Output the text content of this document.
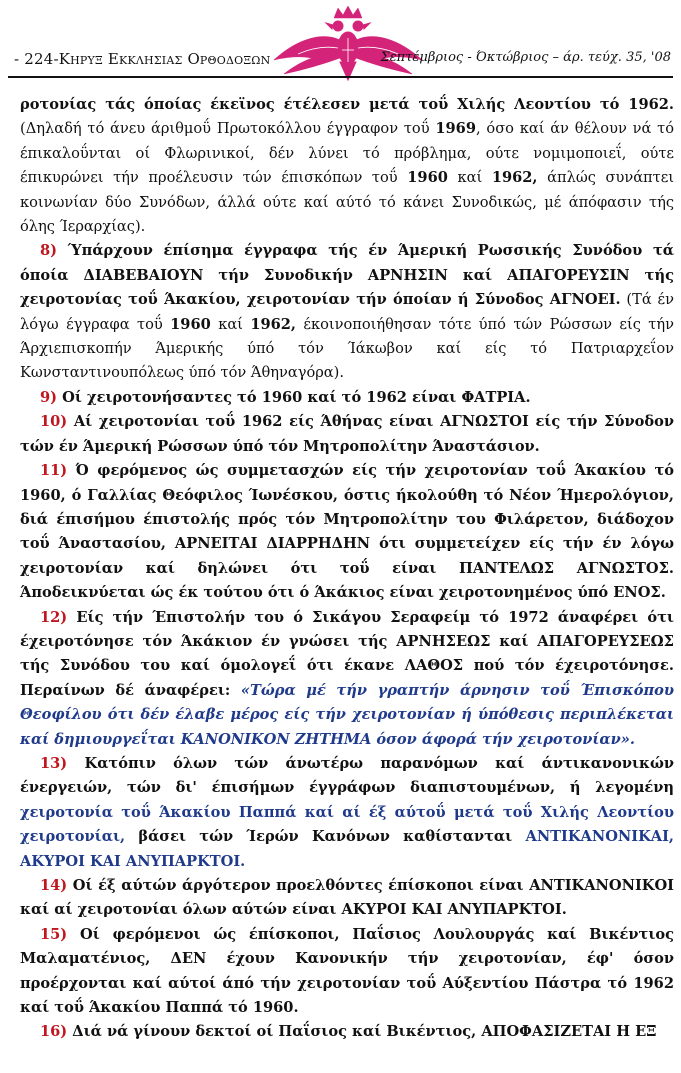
- 224-Κηρυξ Εκκλησιας Ορθοδοξων	Σεπτέμβριος - Όκτώβριος – άρ. τεύχ. 35, '08

ροτονίας τάς όποίας έκεϊνος έτέλεσεν μετά τοΰ Χιλής Λεοντίου τό 1962. (Δηλαδή τό άνευ άριθμοΰ Πρωτοκόλλου έγγραφον τοΰ 1969, όσο καί άν θέλουν νά τό έπικαλοΰνται οί Φλωρινικοί, δέν λύνει τό πρόβλημα, ούτε νομιμοποιεΐ, ούτε έπικυρώνει τήν προέλευσιν τών έπισκόπων τοΰ 1960 καί 1962, άπλώς συνάπτει κοινωνίαν δύο Συνόδων, άλλά ούτε καί αύτό τό κάνει Συνοδικώς, μέ άπόφασιν τής όλης Ίεραρχίας).

8) Ύπάρχουν έπίσημα έγγραφα τής έν Άμερική Ρωσσικής Συνόδου τά όποία ΔΙΑΒΕΒΑΙΟΥΝ τήν Συνοδικήν ΑΡΝΗΣΙΝ καί ΑΠΑΓΟΡΕΥΣΙΝ τής χειροτονίας τοΰ Άκακίου, χειροτονίαν τήν όποίαν ή Σύνοδος ΑΓΝΟΕΙ. (Τά έν λόγω έγγραφα τοΰ 1960 καί 1962, έκοινοποιήθησαν τότε ύπό τών Ρώσσων είς τήν Άρχιεπισκοπήν Άμερικής ύπό τόν Ίάκωβον καί είς τό Πατριαρχεΐον Κωνσταντινουπόλεως ύπό τόν Άθηναγόρα).

9) Οί χειροτονήσαντες τό 1960 καί τό 1962 είναι ΦΑΤΡΙΑ.

10) Αί χειροτονίαι τοΰ 1962 είς Άθήνας είναι ΑΓΝΩΣΤΟΙ είς τήν Σύνοδον τών έν Άμερική Ρώσσων ύπό τόν Μητροπολίτην Άναστάσιον.

11) Ό φερόμενος ώς συμμετασχών είς τήν χειροτονίαν τοΰ Άκακίου τό 1960, ό Γαλλίας Θεόφιλος Ίωνέσκου, όστις ήκολούθη τό Νέον Ήμερολόγιον, διά έπισήμου έπιστολής πρός τόν Μητροπολίτην του Φιλάρετον, διάδοχον τοΰ Άναστασίου, ΑΡΝΕΙΤΑΙ ΔΙΑΡΡΗΔΗΝ ότι συμμετείχεν είς τήν έν λόγω χειροτονίαν καί δηλώνει ότι τοΰ είναι ΠΑΝΤΕΛΩΣ ΑΓΝΩΣΤΟΣ. Άποδεικνύεται ώς έκ τούτου ότι ό Άκάκιος είναι χειροτονημένος ύπό ΕΝΟΣ.

12) Είς τήν Έπιστολήν του ό Σικάγου Σεραφείμ τό 1972 άναφέρει ότι έχειροτόνησε τόν Άκάκιον έν γνώσει τής ΑΡΝΗΣΕΩΣ καί ΑΠΑΓΟΡΕΥΣΕΩΣ τής Συνόδου του καί όμολογεΐ ότι έκανε ΛΑΘΟΣ πού τόν έχειροτόνησε. Περαίνων δέ άναφέρει: «Τώρα μέ τήν γραπτήν άρνησιν τοΰ Έπισκόπου Θεοφίλου ότι δέν έλαβε μέρος είς τήν χειροτονίαν ή ύπόθεσις περιπλέκεται καί δημιουργεΐται ΚΑΝΟΝΙΚΟΝ ΖΗΤΗΜΑ όσον άφορά τήν χειροτονίαν».

13) Κατόπιν όλων τών άνωτέρω παρανόμων καί άντικανονικών ένεργειών, τών δι' έπισήμων έγγράφων διαπιστουμένων, ή λεγομένη χειροτονία τοΰ Άκακίου Παππά καί αί έξ αύτοΰ μετά τοΰ Χιλής Λεοντίου χειροτονίαι, βάσει τών Ίερών Κανόνων καθίστανται ΑΝΤΙΚΑΝΟΝΙΚΑΙ, ΑΚΥΡΟΙ ΚΑΙ ΑΝΥΠΑΡΚΤΟΙ.

14) Οί έξ αύτών άργότερον προελθόντες έπίσκοποι είναι ΑΝΤΙΚΑΝΟΝΙΚΟΙ καί αί χειροτονίαι όλων αύτών είναι ΑΚΥΡΟΙ ΚΑΙ ΑΝΥΠΑΡΚΤΟΙ.

15) Οί φερόμενοι ώς έπίσκοποι, Παΐσιος Λουλουργάς καί Βικέντιος Μαλαματένιος, ΔΕΝ έχουν Κανονικήν τήν χειροτονίαν, έφ' όσον προέρχονται καί αύτοί άπό τήν χειροτονίαν τοΰ Αύξεντίου Πάστρα τό 1962 καί τοΰ Άκακίου Παππά τό 1960.

16) Διά νά γίνουν δεκτοί οί Παΐσιος καί Βικέντιος, ΑΠΟΦΑΣΙΖΕΤΑΙ Η ΕΞ
